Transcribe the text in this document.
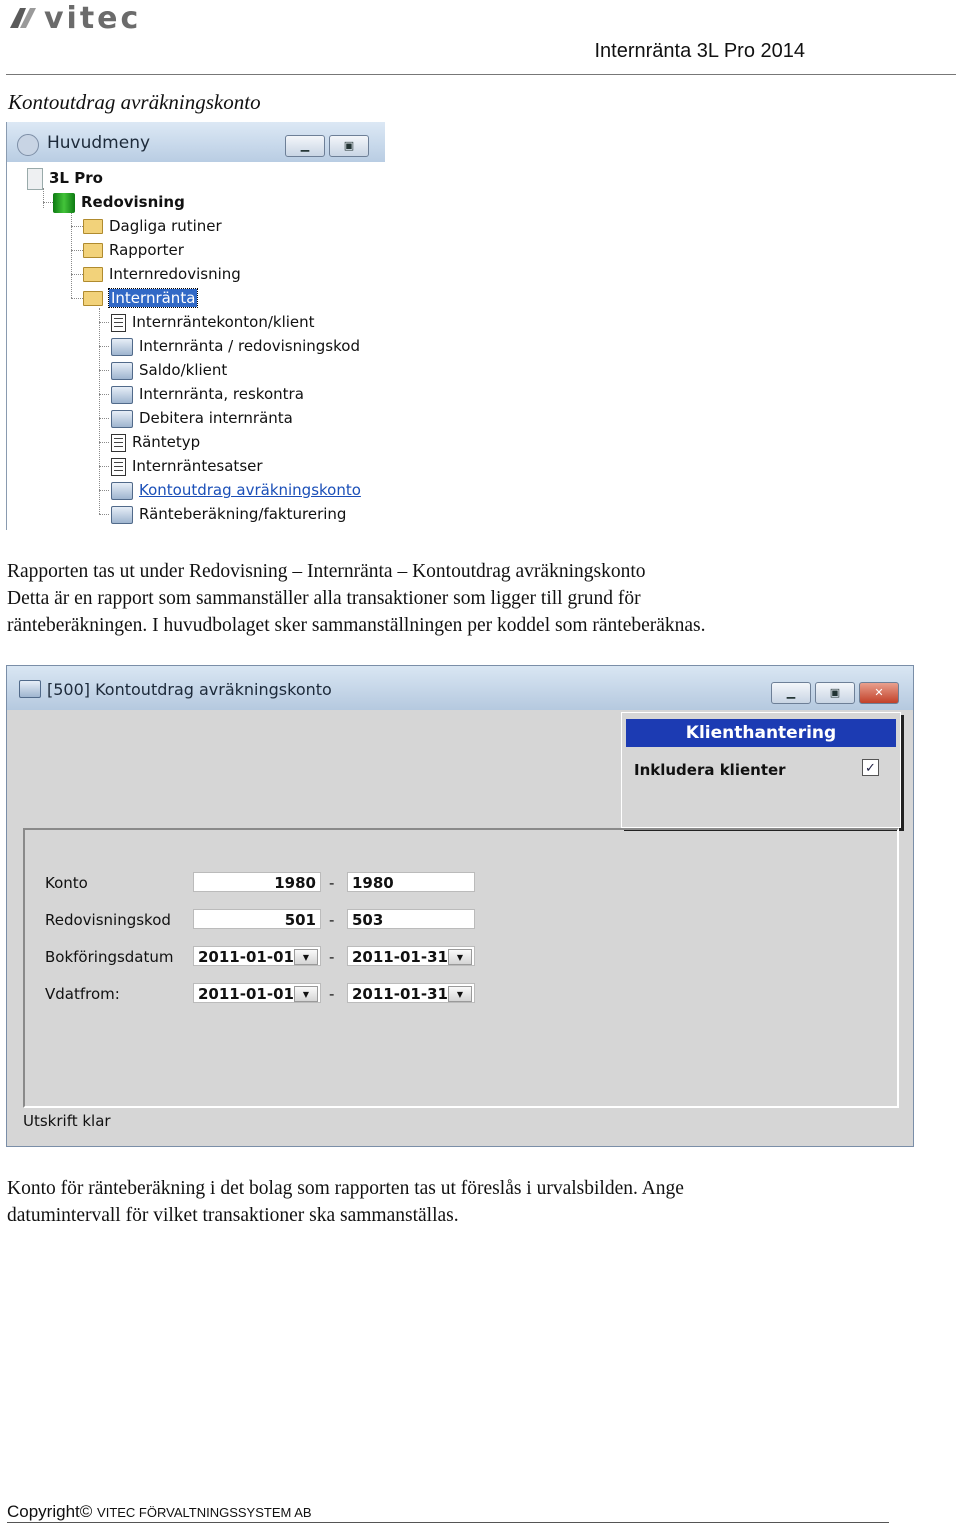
vitec
Internränta 3L Pro 2014
Kontoutdrag avräkningskonto
Huvudmeny	▁	▣
3L Pro
Redovisning
Dagliga rutiner
Rapporter
Internredovisning
Internränta
Internräntekonton/klient
Internränta / redovisningskod
Saldo/klient
Internränta, reskontra
Debitera internränta
Räntetyp
Internräntesatser
Kontoutdrag avräkningskonto
Ränteberäkning/fakturering
Rapporten tas ut under Redovisning – Internränta – Kontoutdrag avräkningskonto
Detta är en rapport som sammanställer alla transaktioner som ligger till grund för
ränteberäkningen. I huvudbolaget sker sammanställningen per koddel som ränteberäknas.
[500] Kontoutdrag avräkningskonto	▁	▣	✕
Klienthantering
Inkludera klienter	✓
Konto	1980 -	1980
Redovisningskod	501 -	503
Bokföringsdatum	2011-01-01	▼	-	2011-01-31	▼
Vdatfrom:	2011-01-01	▼	-	2011-01-31	▼
Utskrift klar
Konto för ränteberäkning i det bolag som rapporten tas ut föreslås i urvalsbilden. Ange
datumintervall för vilket transaktioner ska sammanställas.
Copyright© VITEC FÖRVALTNINGSSYSTEM AB
